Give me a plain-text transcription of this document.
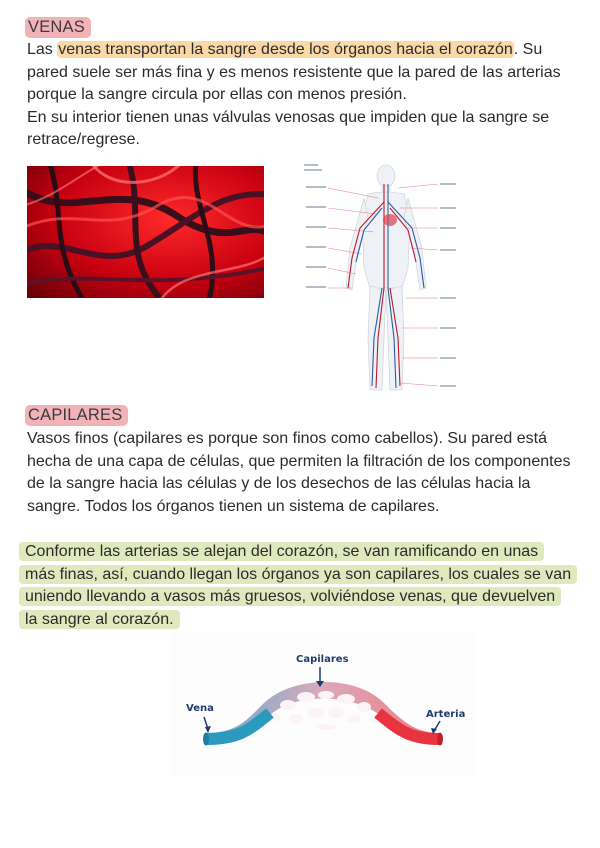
VENAS
Las venas transportan la sangre desde los órganos hacia el corazón. Su pared suele ser más fina y es menos resistente que la pared de las arterias porque la sangre circula por ellas con menos presión.
En su interior tienen unas válvulas venosas que impiden que la sangre se retrace/regrese.
CAPILARES
Vasos finos (capilares es porque son finos como cabellos). Su pared está hecha de una capa de células, que permiten la filtración de los componentes de la sangre hacia las células y de los desechos de las células hacia la sangre. Todos los órganos tienen un sistema de capilares.
Conforme las arterias se alejan del corazón, se van ramificando en unas más finas, así, cuando llegan los órganos ya son capilares, los cuales se van uniendo llevando a vasos más gruesos, volviéndose venas, que devuelven la sangre al corazón.
Capilares
Vena
Arteria
